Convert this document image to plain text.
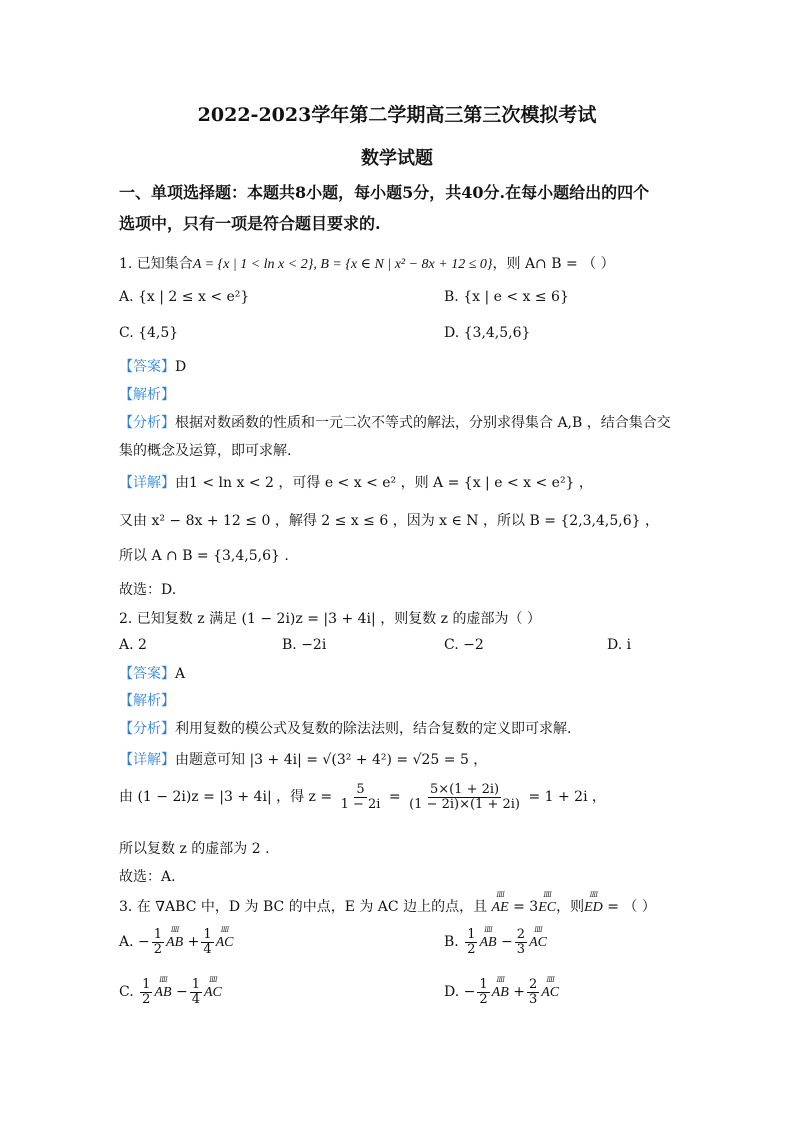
2022-2023学年第二学期高三第三次模拟考试
数学试题
一、单项选择题：本题共8小题，每小题5分，共40分.在每小题给出的四个
选项中，只有一项是符合题目要求的.
1. 已知集合A = {x | 1 < ln x < 2}, B = {x ∈ N | x² − 8x + 12 ≤ 0}，则 A∩ B = （ ）
A. {x | 2 ≤ x < e²}	B. {x | e < x ≤ 6}
C. {4,5}	D. {3,4,5,6}
【答案】D
【解析】
【分析】根据对数函数的性质和一元二次不等式的解法，分别求得集合 A,B ，结合集合交
集的概念及运算，即可求解.
【详解】由1 < ln x < 2 ，可得 e < x < e² ，则 A = {x | e < x < e²} ，
又由 x² − 8x + 12 ≤ 0 ，解得 2 ≤ x ≤ 6 ，因为 x ∈ N ，所以 B = {2,3,4,5,6} ，
所以 A ∩ B = {3,4,5,6} .
故选：D.
2. 已知复数 z 满足 (1 − 2i)z = |3 + 4i| ，则复数 z 的虚部为（ ）
A. 2	B. −2i	C. −2	D. i
【答案】A
【解析】
【分析】利用复数的模公式及复数的除法法则，结合复数的定义即可求解.
【详解】由题意可知 |3 + 4i| = √(3² + 4²) = √25 = 5 ，
由 (1 − 2i)z = |3 + 4i| ，得 $z = \frac{5}{1 - 2i} = \frac{5\times(1 + 2i)}{(1 - 2i)\times(1 + 2i)} = 1 + 2i$ ，
所以复数 z 的虚部为 2 .
故选：A.
3. 在 ∇ABC 中，D 为 BC 的中点，E 为 AC 边上的点，且 ⅡⅡ AE = 3ⅡⅡ EC，则ⅡⅡ ED = （ ）
A. − $\frac{1}{2}$ ⅡⅡ AB + $\frac{1}{4}$ ⅡⅡ AC	B. $\frac{1}{2}$ ⅡⅡ AB − $\frac{2}{3}$ ⅡⅡ AC
C. $\frac{1}{2}$ ⅡⅡ AB − $\frac{1}{4}$ ⅡⅡ AC	D. − $\frac{1}{2}$ ⅡⅡ AB + $\frac{2}{3}$ ⅡⅡ AC
